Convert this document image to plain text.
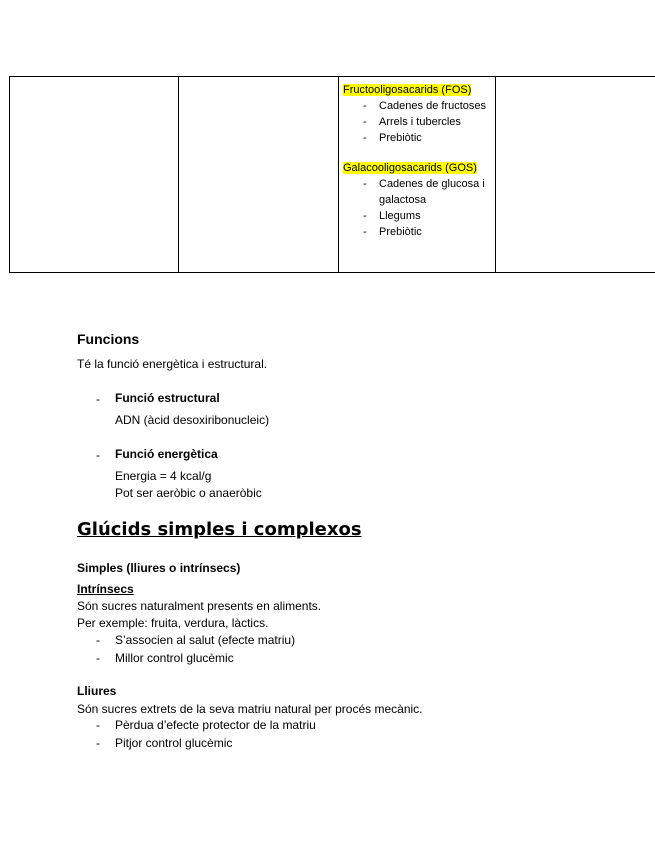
Fructooligosacarids (FOS)
- Cadenes de fructoses
- Arrels i tubercles
- Prebiòtic
Galacooligosacarids (GOS)
- Cadenes de glucosa i galactosa
- Llegums
- Prebiòtic

Funcions
Té la funció energètica i estructural.
- Funció estructural
ADN (àcid desoxiribonucleic)
- Funció energètica
Energia = 4 kcal/g
Pot ser aeròbic o anaeròbic
Glúcids simples i complexos
Simples (lliures o intrínsecs)
Intrínsecs
Són sucres naturalment presents en aliments.
Per exemple: fruita, verdura, làctics.
- S’associen al salut (efecte matriu)
- Millor control glucèmic
Lliures
Són sucres extrets de la seva matriu natural per procés mecànic.
- Pèrdua d’efecte protector de la matriu
- Pitjor control glucèmic
